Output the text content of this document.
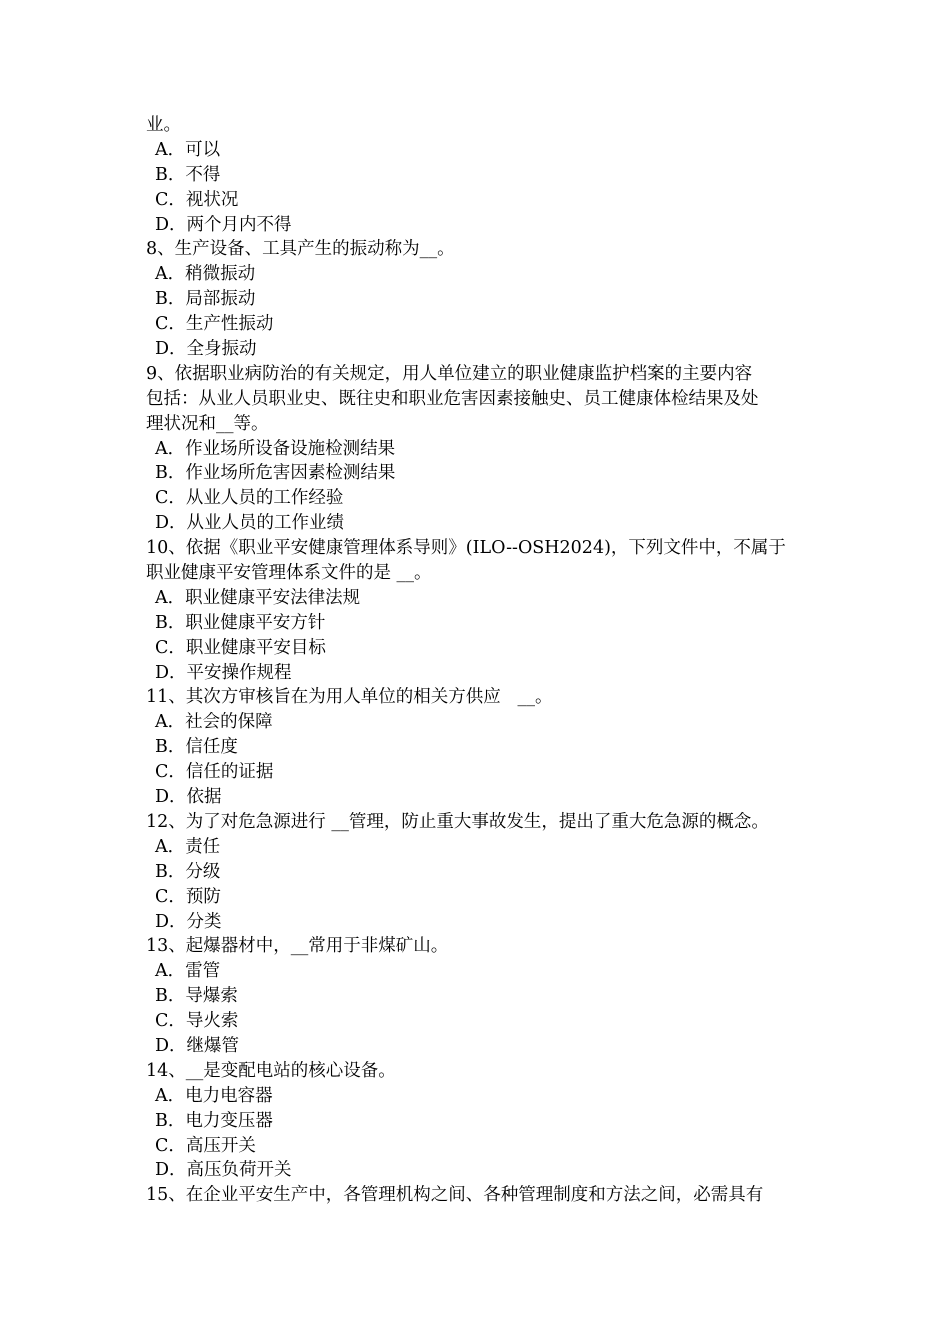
业。
A．可以
B．不得
C．视状况
D．两个月内不得
8、生产设备、工具产生的振动称为__。
A．稍微振动
B．局部振动
C．生产性振动
D．全身振动
9、依据职业病防治的有关规定，用人单位建立的职业健康监护档案的主要内容
包括：从业人员职业史、既往史和职业危害因素接触史、员工健康体检结果及处
理状况和__等。
A．作业场所设备设施检测结果
B．作业场所危害因素检测结果
C．从业人员的工作经验
D．从业人员的工作业绩
10、依据《职业平安健康管理体系导则》(ILO--OSH2024)，下列文件中，不属于
职业健康平安管理体系文件的是 __。
A．职业健康平安法律法规
B．职业健康平安方针
C．职业健康平安目标
D．平安操作规程
11、其次方审核旨在为用人单位的相关方供应   __。
A．社会的保障
B．信任度
C．信任的证据
D．依据
12、为了对危急源进行 __管理，防止重大事故发生，提出了重大危急源的概念。
A．责任
B．分级
C．预防
D．分类
13、起爆器材中，__常用于非煤矿山。
A．雷管
B．导爆索
C．导火索
D．继爆管
14、__是变配电站的核心设备。
A．电力电容器
B．电力变压器
C．高压开关
D．高压负荷开关
15、在企业平安生产中，各管理机构之间、各种管理制度和方法之间，必需具有
